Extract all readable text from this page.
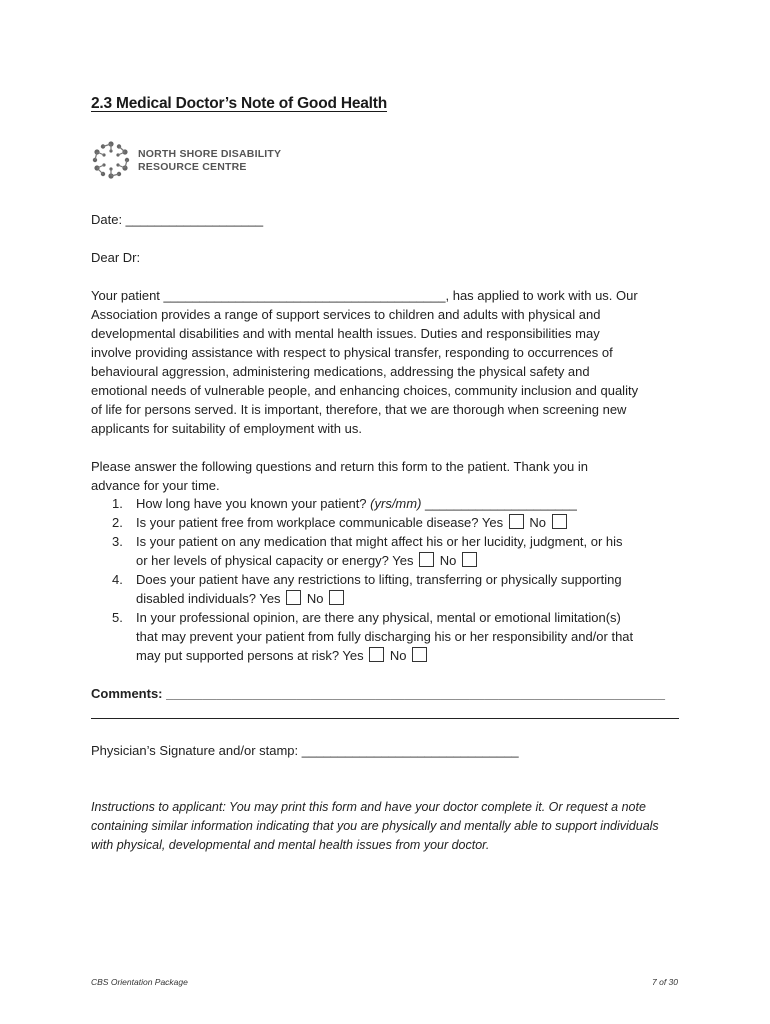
2.3 Medical Doctor’s Note of Good Health
NORTH SHORE DISABILITY
RESOURCE CENTRE
Date: ___________________
Dear Dr:
Your patient _______________________________________, has applied to work with us. Our
Association provides a range of support services to children and adults with physical and
developmental disabilities and with mental health issues. Duties and responsibilities may
involve providing assistance with respect to physical transfer, responding to occurrences of
behavioural aggression, administering medications, addressing the physical safety and
emotional needs of vulnerable people, and enhancing choices, community inclusion and quality
of life for persons served. It is important, therefore, that we are thorough when screening new
applicants for suitability of employment with us.
Please answer the following questions and return this form to the patient. Thank you in
advance for your time.
1. How long have you known your patient? (yrs/mm) _____________________
2. Is your patient free from workplace communicable disease? Yes No
3. Is your patient on any medication that might affect his or her lucidity, judgment, or his
or her levels of physical capacity or energy? Yes No
4. Does your patient have any restrictions to lifting, transferring or physically supporting
disabled individuals? Yes No
5. In your professional opinion, are there any physical, mental or emotional limitation(s)
that may prevent your patient from fully discharging his or her responsibility and/or that
may put supported persons at risk? Yes No
Comments: _____________________________________________________________________
Physician’s Signature and/or stamp: ______________________________
Instructions to applicant: You may print this form and have your doctor complete it. Or request a note containing similar information indicating that you are physically and mentally able to support individuals with physical, developmental and mental health issues from your doctor.
CBS Orientation Package	7 of 30
